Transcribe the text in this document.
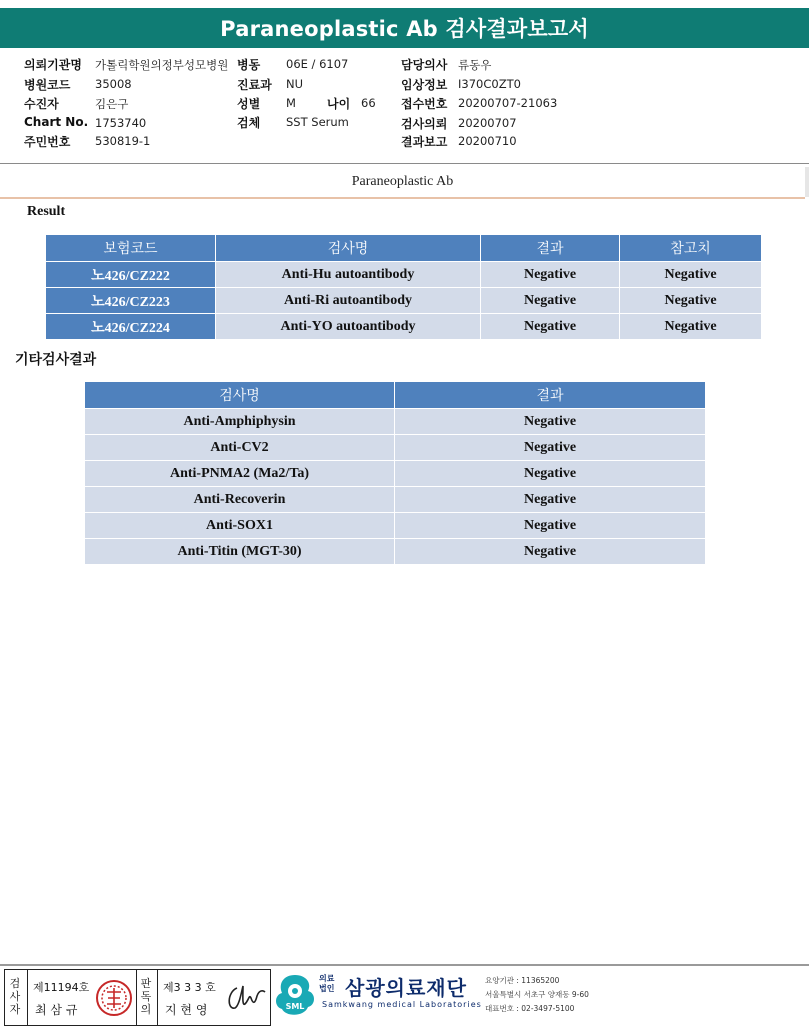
Paraneoplastic Ab 검사결과보고서
의뢰기관명 가톨릭학원의정부성모병원
병원코드 35008
수진자	김은구
Chart No. 1753740
주민번호 530819-1
병동 06E / 6107
진료과 NU
성별 M	나이 66
검체 SST Serum
담당의사 류동우
임상정보 I370C0ZT0
접수번호 20200707-21063
검사의뢰 20200707
결과보고 20200710
Paraneoplastic Ab
Result
보험코드	검사명	결과	참고치
노426/CZ222	Anti-Hu autoantibody	Negative	Negative
노426/CZ223	Anti-Ri autoantibody	Negative	Negative
노426/CZ224	Anti-YO autoantibody	Negative	Negative
기타검사결과
검사명	결과
Anti-Amphiphysin	Negative
Anti-CV2	Negative
Anti-PNMA2 (Ma2/Ta)	Negative
Anti-Recoverin	Negative
Anti-SOX1	Negative
Anti-Titin (MGT-30)	Negative
검
사
자
제11194호
최 삼 규
판
독
의
제3 3 3 호
지 현 영	SML
의료 법인 삼광의료재단
Samkwang medical Laboratories
요양기관 : 11365200
서울특별시 서초구 양재동 9-60
대표번호 : 02-3497-5100
